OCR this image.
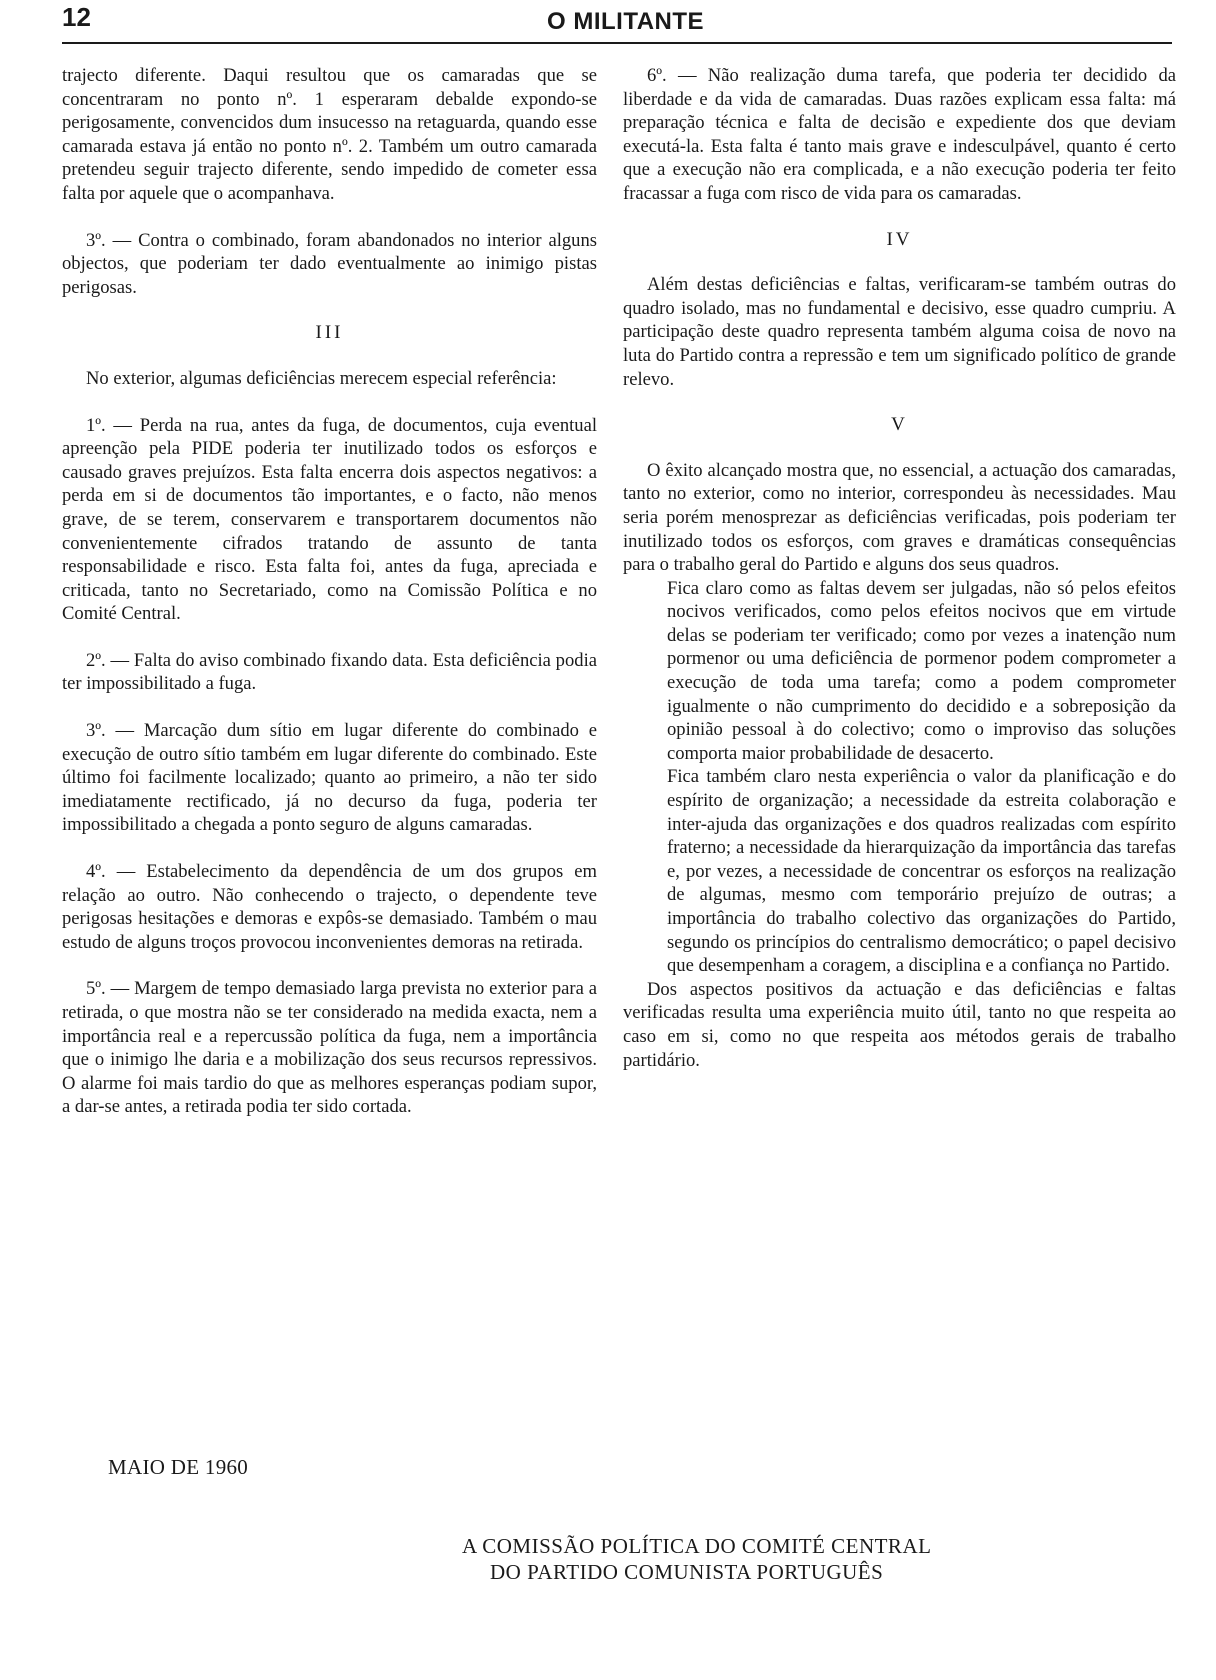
12	O MILITANTE

trajecto diferente. Daqui resultou que os camaradas que se concentraram no ponto nº. 1 esperaram debalde expondo-se perigosamente, convencidos dum insucesso na retaguarda, quando esse camarada estava já então no ponto nº. 2. Também um outro camarada pretendeu seguir trajecto diferente, sendo impedido de cometer essa falta por aquele que o acompanhava.

3º. — Contra o combinado, foram abandonados no interior alguns objectos, que poderiam ter dado eventualmente ao inimigo pistas perigosas.

III

No exterior, algumas deficiências merecem especial referência:

1º. — Perda na rua, antes da fuga, de documentos, cuja eventual apreenção pela PIDE poderia ter inutilizado todos os esforços e causado graves prejuízos. Esta falta encerra dois aspectos negativos: a perda em si de documentos tão importantes, e o facto, não menos grave, de se terem, conservarem e transportarem documentos não convenientemente cifrados tratando de assunto de tanta responsabilidade e risco. Esta falta foi, antes da fuga, apreciada e criticada, tanto no Secretariado, como na Comissão Política e no Comité Central.

2º. — Falta do aviso combinado fixando data. Esta deficiência podia ter impossibilitado a fuga.

3º. — Marcação dum sítio em lugar diferente do combinado e execução de outro sítio também em lugar diferente do combinado. Este último foi facilmente localizado; quanto ao primeiro, a não ter sido imediatamente rectificado, já no decurso da fuga, poderia ter impossibilitado a chegada a ponto seguro de alguns camaradas.

4º. — Estabelecimento da dependência de um dos grupos em relação ao outro. Não conhecendo o trajecto, o dependente teve perigosas hesitações e demoras e expôs-se demasiado. Também o mau estudo de alguns troços provocou inconvenientes demoras na retirada.

5º. — Margem de tempo demasiado larga prevista no exterior para a retirada, o que mostra não se ter considerado na medida exacta, nem a importância real e a repercussão política da fuga, nem a importância que o inimigo lhe daria e a mobilização dos seus recursos repressivos. O alarme foi mais tardio do que as melhores esperanças podiam supor, a dar-se antes, a retirada podia ter sido cortada.

6º. — Não realização duma tarefa, que poderia ter decidido da liberdade e da vida de camaradas. Duas razões explicam essa falta: má preparação técnica e falta de decisão e expediente dos que deviam executá-la. Esta falta é tanto mais grave e indesculpável, quanto é certo que a execução não era complicada, e a não execução poderia ter feito fracassar a fuga com risco de vida para os camaradas.

IV

Além destas deficiências e faltas, verificaram-se também outras do quadro isolado, mas no fundamental e decisivo, esse quadro cumpriu. A participação deste quadro representa também alguma coisa de novo na luta do Partido contra a repressão e tem um significado político de grande relevo.

V

O êxito alcançado mostra que, no essencial, a actuação dos camaradas, tanto no exterior, como no interior, correspondeu às necessidades. Mau seria porém menosprezar as deficiências verificadas, pois poderiam ter inutilizado todos os esforços, com graves e dramáticas consequências para o trabalho geral do Partido e alguns dos seus quadros.

Fica claro como as faltas devem ser julgadas, não só pelos efeitos nocivos verificados, como pelos efeitos nocivos que em virtude delas se poderiam ter verificado; como por vezes a inatenção num pormenor ou uma deficiência de pormenor podem comprometer a execução de toda uma tarefa; como a podem comprometer igualmente o não cumprimento do decidido e a sobreposição da opinião pessoal à do colectivo; como o improviso das soluções comporta maior probabilidade de desacerto.

Fica também claro nesta experiência o valor da planificação e do espírito de organização; a necessidade da estreita colaboração e inter-ajuda das organizações e dos quadros realizadas com espírito fraterno; a necessidade da hierarquização da importância das tarefas e, por vezes, a necessidade de concentrar os esforços na realização de algumas, mesmo com temporário prejuízo de outras; a importância do trabalho colectivo das organizações do Partido, segundo os princípios do centralismo democrático; o papel decisivo que desempenham a coragem, a disciplina e a confiança no Partido.

Dos aspectos positivos da actuação e das deficiências e faltas verificadas resulta uma experiência muito útil, tanto no que respeita ao caso em si, como no que respeita aos métodos gerais de trabalho partidário.

MAIO DE 1960
A COMISSÃO POLÍTICA DO COMITÉ CENTRAL
DO PARTIDO COMUNISTA PORTUGUÊS
